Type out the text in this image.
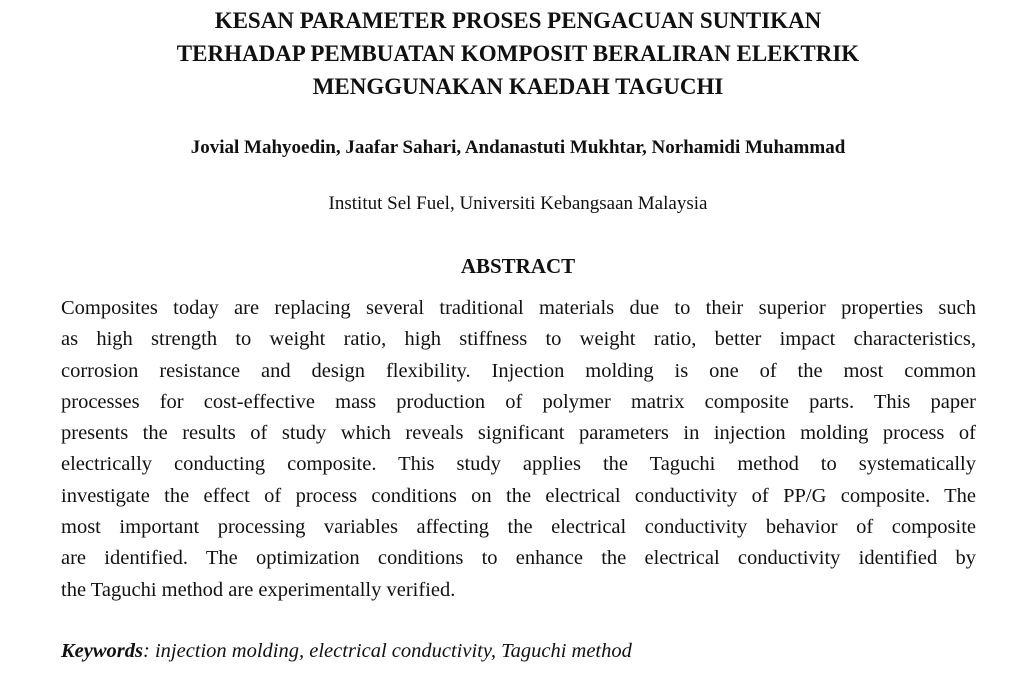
KESAN PARAMETER PROSES PENGACUAN SUNTIKAN
TERHADAP PEMBUATAN KOMPOSIT BERALIRAN ELEKTRIK
MENGGUNAKAN KAEDAH TAGUCHI
Jovial Mahyoedin, Jaafar Sahari, Andanastuti Mukhtar, Norhamidi Muhammad
Institut Sel Fuel, Universiti Kebangsaan Malaysia
ABSTRACT
Composites today are replacing several traditional materials due to their superior properties such
as high strength to weight ratio, high stiffness to weight ratio, better impact characteristics,
corrosion resistance and design flexibility. Injection molding is one of the most common
processes for cost-effective mass production of polymer matrix composite parts. This paper
presents the results of study which reveals significant parameters in injection molding process of
electrically conducting composite. This study applies the Taguchi method to systematically
investigate the effect of process conditions on the electrical conductivity of PP/G composite. The
most important processing variables affecting the electrical conductivity behavior of composite
are identified. The optimization conditions to enhance the electrical conductivity identified by
the Taguchi method are experimentally verified.
Keywords: injection molding, electrical conductivity, Taguchi method
